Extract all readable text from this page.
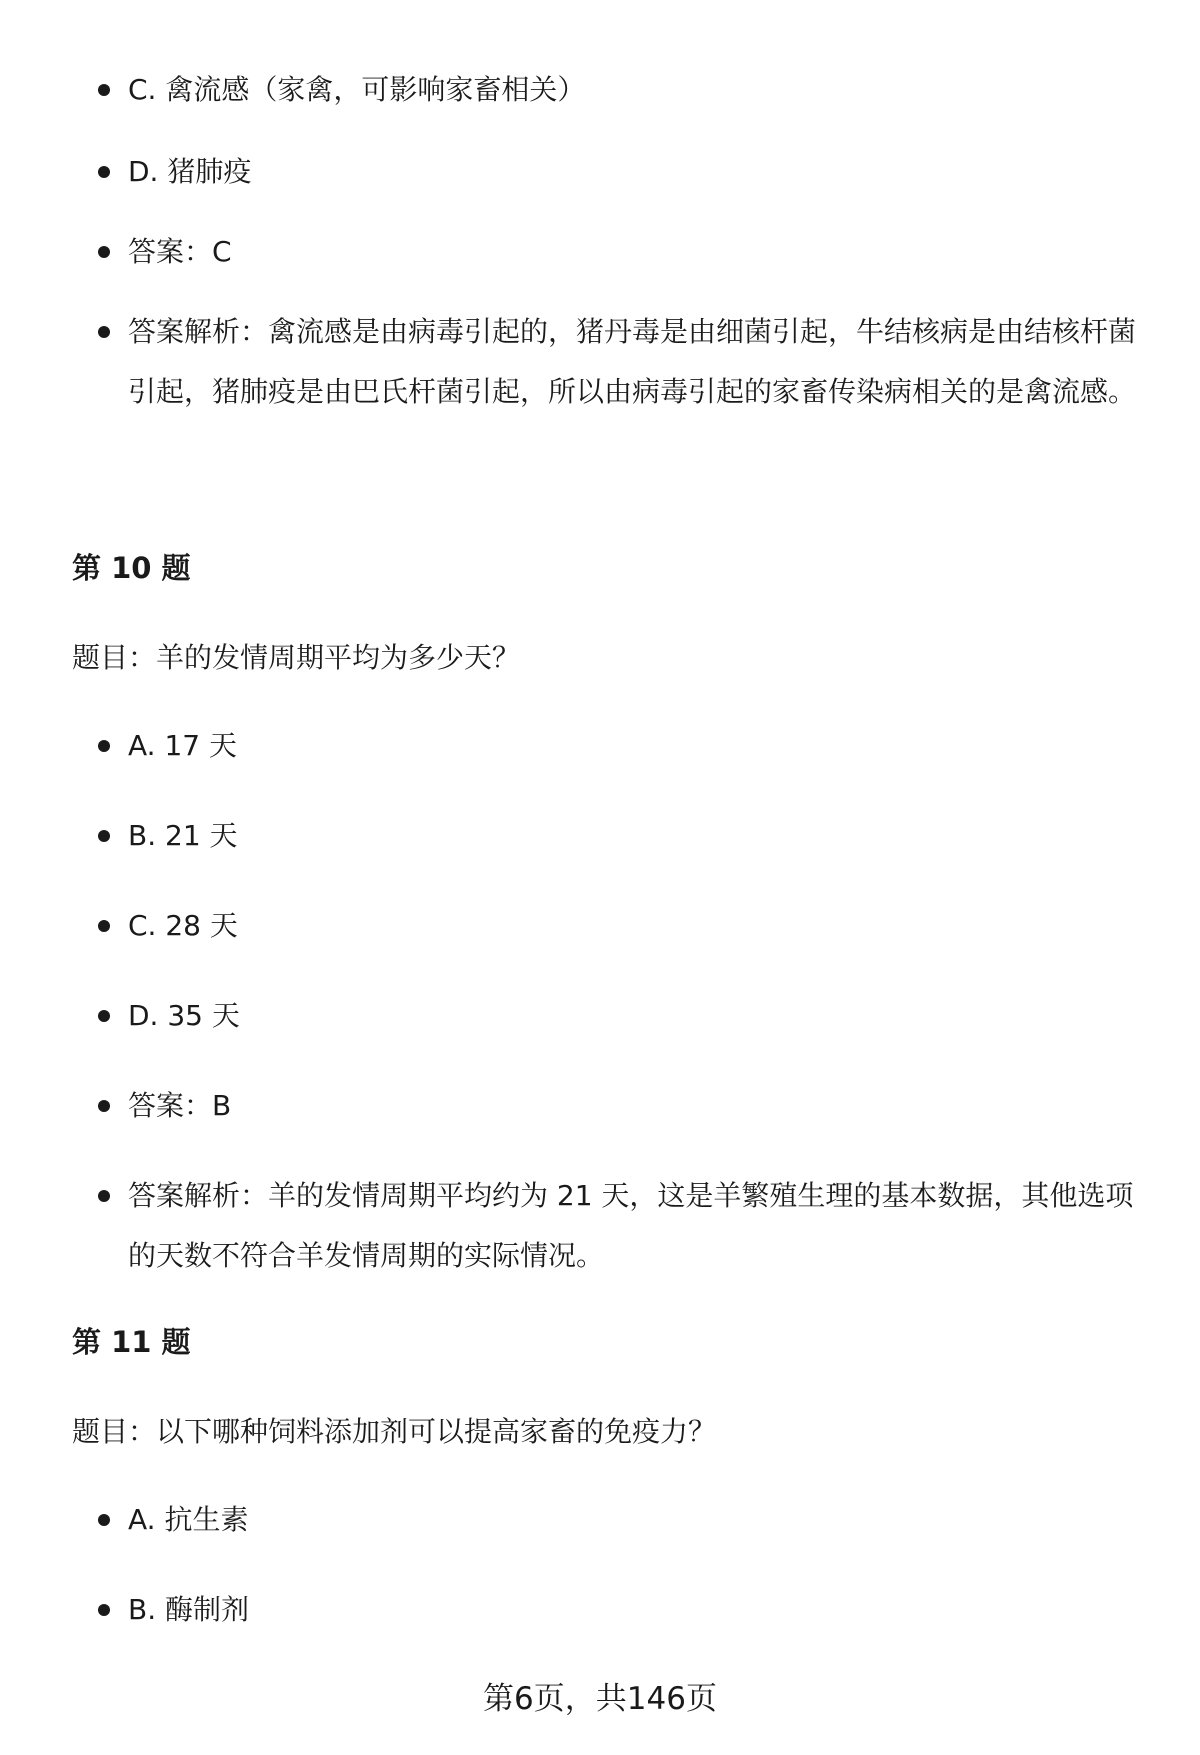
C. 禽流感（家禽，可影响家畜相关）
D. 猪肺疫
答案：C
答案解析：禽流感是由病毒引起的，猪丹毒是由细菌引起，牛结核病是由结核杆菌引起，猪肺疫是由巴氏杆菌引起，所以由病毒引起的家畜传染病相关的是禽流感。
第 10 题
题目：羊的发情周期平均为多少天？
A. 17 天
B. 21 天
C. 28 天
D. 35 天
答案：B
答案解析：羊的发情周期平均约为 21 天，这是羊繁殖生理的基本数据，其他选项的天数不符合羊发情周期的实际情况。
第 11 题
题目：以下哪种饲料添加剂可以提高家畜的免疫力？
A. 抗生素
B. 酶制剂
第6页，共146页
